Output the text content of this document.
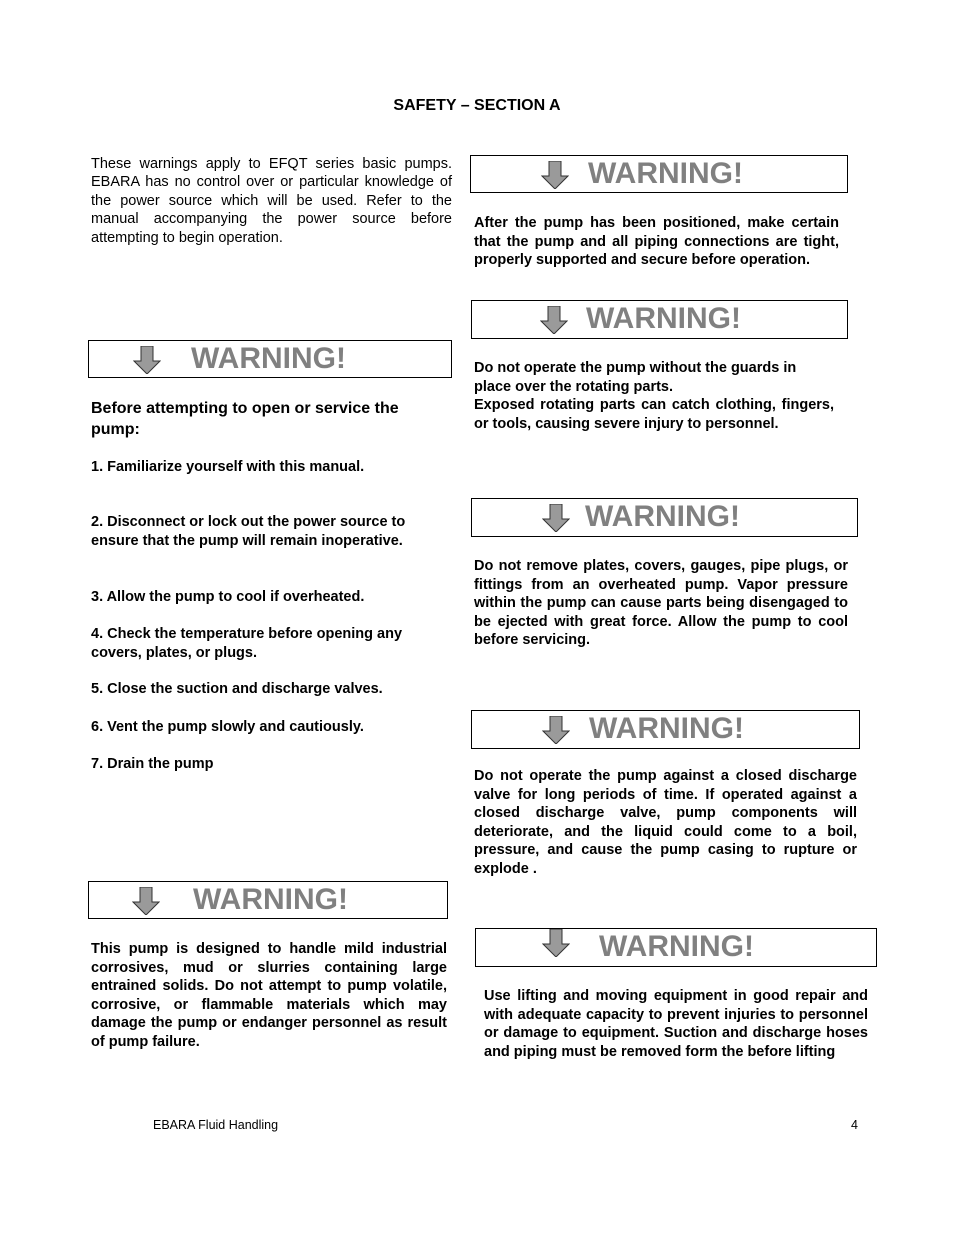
SAFETY – SECTION A
These warnings apply to EFQT series basic pumps. EBARA has no control over or particular knowledge of the power source which will be used. Refer to the manual accompanying the power source before attempting to begin operation.
WARNING!
Before attempting to open or service the pump:
1. Familiarize yourself with this manual.
2. Disconnect or lock out the power source to ensure that the pump will remain inoperative.
3. Allow the pump to cool if overheated.
4. Check the temperature before opening any covers, plates, or plugs.
5. Close the suction and discharge valves.
6. Vent the pump slowly and cautiously.
7. Drain the pump
WARNING!
This pump is designed to handle mild industrial corrosives, mud or slurries containing large entrained solids. Do not attempt to pump volatile, corrosive, or flammable materials which may damage the pump or endanger personnel as result of pump failure.
WARNING!
After the pump has been positioned, make certain that the pump and all piping connections are tight, properly supported and secure before operation.
WARNING!
Do not operate the pump without the guards in place over the rotating parts.
Exposed rotating parts can catch clothing, fingers, or tools, causing severe injury to personnel.
WARNING!
Do not remove plates, covers, gauges, pipe plugs, or fittings from an overheated pump. Vapor pressure within the pump can cause parts being disengaged to be ejected with great force. Allow the pump to cool before servicing.
WARNING!
Do not operate the pump against a closed discharge valve for long periods of time. If operated against a closed discharge valve, pump components will deteriorate, and the liquid could come to a boil, pressure, and cause the pump casing to rupture or explode .
WARNING!
Use lifting and moving equipment in good repair and with adequate capacity to prevent injuries to personnel or damage to equipment. Suction and discharge hoses and piping must be removed form the before lifting
EBARA Fluid Handling	4
